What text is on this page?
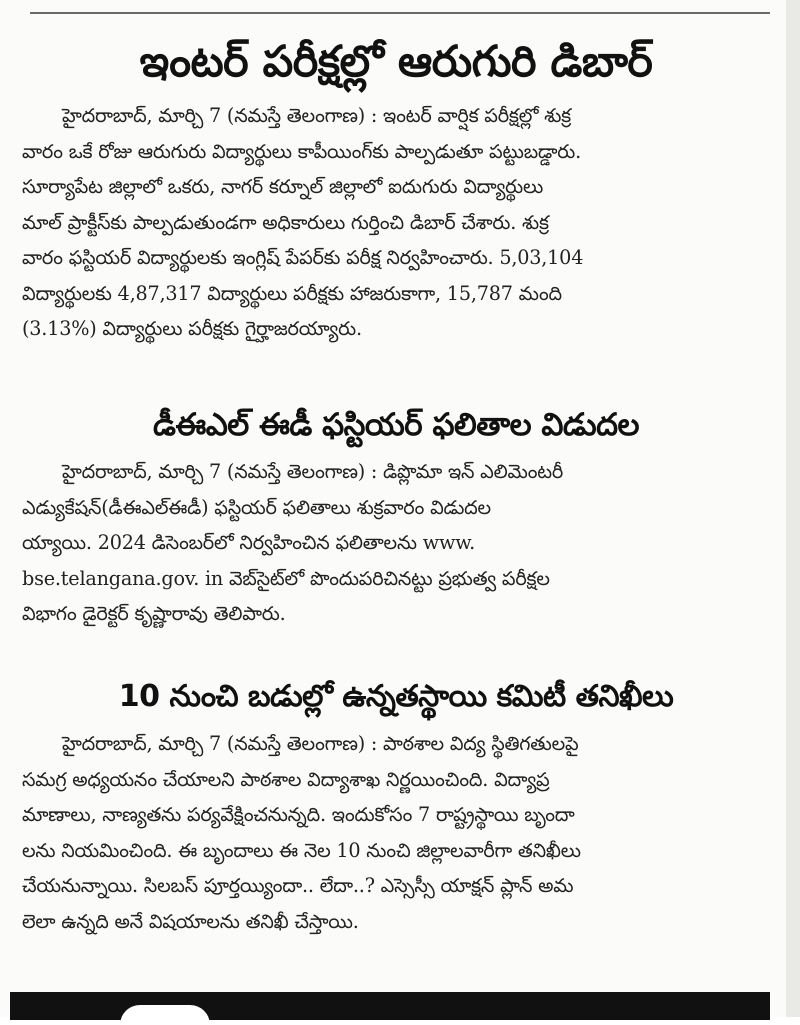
ఇంటర్ పరీక్షల్లో ఆరుగురి డిబార్
హైదరాబాద్, మార్చి 7 (నమస్తే తెలంగాణ) : ఇంటర్ వార్షిక పరీక్షల్లో శుక్ర
వారం ఒకే రోజు ఆరుగురు విద్యార్థులు కాపీయింగ్‌కు పాల్పడుతూ పట్టుబడ్డారు.
సూర్యాపేట జిల్లాలో ఒకరు, నాగర్ కర్నూల్ జిల్లాలో ఐదుగురు విద్యార్థులు
మాల్ ప్రాక్టీస్‌కు పాల్పడుతుండగా అధికారులు గుర్తించి డిబార్ చేశారు. శుక్ర
వారం ఫస్టియర్ విద్యార్థులకు ఇంగ్లిష్ పేపర్‌కు పరీక్ష నిర్వహించారు. 5,03,104
విద్యార్థులకు 4,87,317 విద్యార్థులు పరీక్షకు హాజరుకాగా, 15,787 మంది
(3.13%) విద్యార్థులు పరీక్షకు గైర్హాజరయ్యారు.
డీఈఎల్ ఈడీ ఫస్టియర్ ఫలితాల విడుదల
హైదరాబాద్, మార్చి 7 (నమస్తే తెలంగాణ) : డిప్లొమా ఇన్ ఎలిమెంటరీ
ఎడ్యుకేషన్(డీఈఎల్ఈడీ) ఫస్టియర్ ఫలితాలు శుక్రవారం విడుదల
య్యాయి. 2024 డిసెంబర్‌లో నిర్వహించిన ఫలితాలను www.
bse.telangana.gov. in వెబ్‌సైట్‌లో పొందుపరిచినట్టు ప్రభుత్వ పరీక్షల
విభాగం డైరెక్టర్ కృష్ణారావు తెలిపారు.
10 నుంచి బడుల్లో ఉన్నతస్థాయి కమిటీ తనిఖీలు
హైదరాబాద్, మార్చి 7 (నమస్తే తెలంగాణ) : పాఠశాల విద్య స్థితిగతులపై
సమగ్ర అధ్యయనం చేయాలని పాఠశాల విద్యాశాఖ నిర్ణయించింది. విద్యాప్ర
మాణాలు, నాణ్యతను పర్యవేక్షించనున్నది. ఇందుకోసం 7 రాష్ట్రస్థాయి బృందా
లను నియమించింది. ఈ బృందాలు ఈ నెల 10 నుంచి జిల్లాలవారీగా తనిఖీలు
చేయనున్నాయి. సిలబస్ పూర్తయ్యిందా.. లేదా..? ఎస్సెస్సీ యాక్షన్ ప్లాన్ అమ
లెలా ఉన్నది అనే విషయాలను తనిఖీ చేస్తాయి.
